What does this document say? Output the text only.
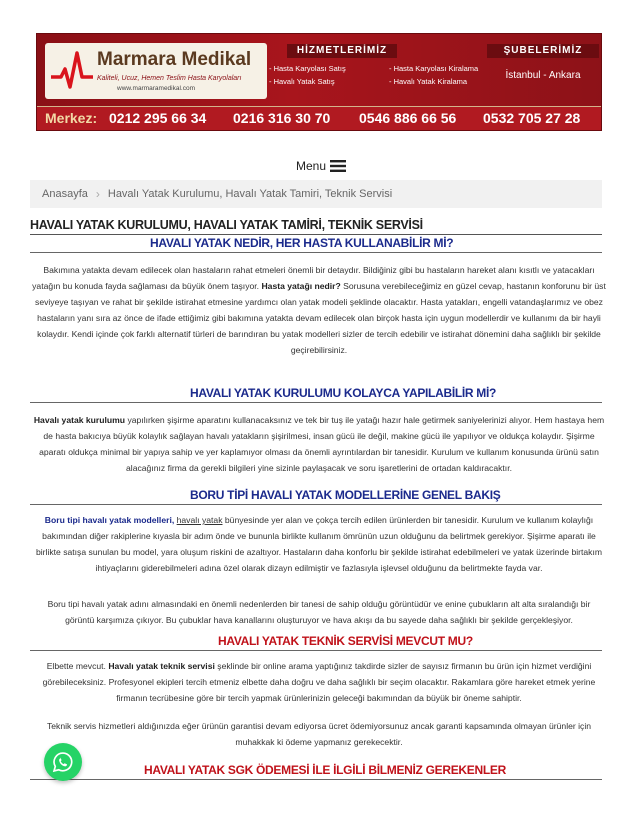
Marmara Medikal
Kaliteli, Ucuz, Hemen Teslim Hasta Karyolaları
www.marmaramedikal.com
HİZMETLERİMİZ
- Hasta Karyolası Satış	- Hasta Karyolası Kiralama
- Havalı Yatak Satış	- Havalı Yatak Kiralama
ŞUBELERİMİZ
İstanbul - Ankara
Merkez: 0212 295 66 34 0216 316 30 70 0546 886 66 56 0532 705 27 28
Menu
Anasayfa › Havalı Yatak Kurulumu, Havalı Yatak Tamiri, Teknik Servisi
HAVALI YATAK KURULUMU, HAVALI YATAK TAMİRİ, TEKNİK SERVİSİ
HAVALI YATAK NEDİR, HER HASTA KULLANABİLİR Mİ?
Bakımına yatakta devam edilecek olan hastaların rahat etmeleri önemli bir detaydır. Bildiğiniz gibi bu hastaların hareket alanı kısıtlı ve yatacakları yatağın bu konuda fayda sağlaması da büyük önem taşıyor. Hasta yatağı nedir? Sorusuna verebileceğimiz en güzel cevap, hastanın konforunu bir üst seviyeye taşıyan ve rahat bir şekilde istirahat etmesine yardımcı olan yatak modeli şeklinde olacaktır. Hasta yatakları, engelli vatandaşlarımız ve obez hastaların yanı sıra az önce de ifade ettiğimiz gibi bakımına yatakta devam edilecek olan birçok hasta için uygun modellerdir ve kullanımı da bir hayli kolaydır. Kendi içinde çok farklı alternatif türleri de barındıran bu yatak modelleri sizler de tercih edebilir ve istirahat dönemini daha sağlıklı bir şekilde geçirebilirsiniz.
HAVALI YATAK KURULUMU KOLAYCA YAPILABİLİR Mİ?
Havalı yatak kurulumu yapılırken şişirme aparatını kullanacaksınız ve tek bir tuş ile yatağı hazır hale getirmek saniyelerinizi alıyor. Hem hastaya hem de hasta bakıcıya büyük kolaylık sağlayan havalı yatakların şişirilmesi, insan gücü ile değil, makine gücü ile yapılıyor ve oldukça kolaydır. Şişirme aparatı oldukça minimal bir yapıya sahip ve yer kaplamıyor olması da önemli ayrıntılardan bir tanesidir. Kurulum ve kullanım konusunda ürünü satın alacağınız firma da gerekli bilgileri yine sizinle paylaşacak ve soru işaretlerini de ortadan kaldıracaktır.
BORU TİPİ HAVALI YATAK MODELLERİNE GENEL BAKIŞ
Boru tipi havalı yatak modelleri, havalı yatak bünyesinde yer alan ve çokça tercih edilen ürünlerden bir tanesidir. Kurulum ve kullanım kolaylığı bakımından diğer rakiplerine kıyasla bir adım önde ve bununla birlikte kullanım ömrünün uzun olduğunu da belirtmek gerekiyor. Şişirme aparatı ile birlikte satışa sunulan bu model, yara oluşum riskini de azaltıyor. Hastaların daha konforlu bir şekilde istirahat edebilmeleri ve yatak üzerinde birtakım ihtiyaçlarını giderebilmeleri adına özel olarak dizayn edilmiştir ve fazlasıyla işlevsel olduğunu da belirtmekte fayda var.
Boru tipi havalı yatak adını almasındaki en önemli nedenlerden bir tanesi de sahip olduğu görüntüdür ve enine çubukların alt alta sıralandığı bir görüntü karşımıza çıkıyor. Bu çubuklar hava kanallarını oluşturuyor ve hava akışı da bu sayede daha sağlıklı bir şekilde gerçekleşiyor.
HAVALI YATAK TEKNİK SERVİSİ MEVCUT MU?
Elbette mevcut. Havalı yatak teknik servisi şeklinde bir online arama yaptığınız takdirde sizler de sayısız firmanın bu ürün için hizmet verdiğini görebileceksiniz. Profesyonel ekipleri tercih etmeniz elbette daha doğru ve daha sağlıklı bir seçim olacaktır. Rakamlara göre hareket etmek yerine firmanın tecrübesine göre bir tercih yapmak ürünlerinizin geleceği bakımından da büyük bir öneme sahiptir.
Teknik servis hizmetleri aldığınızda eğer ürünün garantisi devam ediyorsa ücret ödemiyorsunuz ancak garanti kapsamında olmayan ürünler için muhakkak ki ödeme yapmanız gerekecektir.
HAVALI YATAK SGK ÖDEMESİ İLE İLGİLİ BİLMENİZ GEREKENLER
